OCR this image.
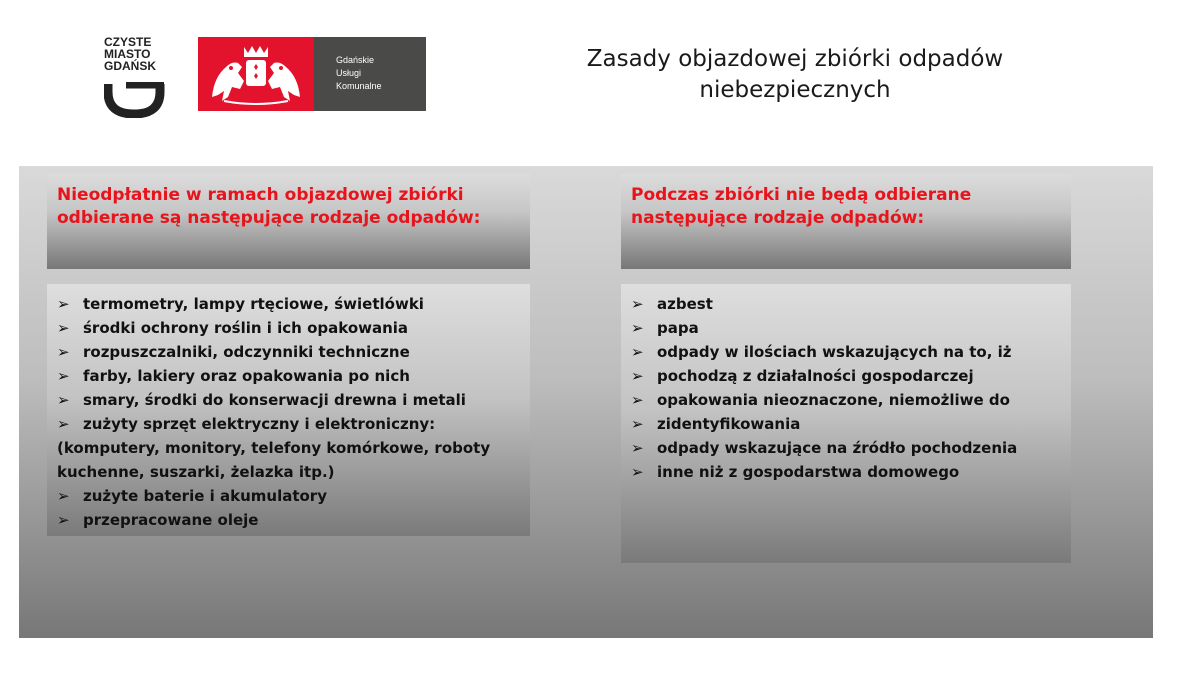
CZYSTE
MIASTO
GDAŃSK	Gdańskie
Usługi
Komunalne
Zasady objazdowej zbiórki odpadów
niebezpiecznych
Nieodpłatnie w ramach objazdowej zbiórki
odbierane są następujące rodzaje odpadów:
Podczas zbiórki nie będą odbierane
następujące rodzaje odpadów:
➢ termometry, lampy rtęciowe, świetlówki
➢ środki ochrony roślin i ich opakowania
➢ rozpuszczalniki, odczynniki techniczne
➢ farby, lakiery oraz opakowania po nich
➢ smary, środki do konserwacji drewna i metali
➢ zużyty sprzęt elektryczny i elektroniczny:
(komputery, monitory, telefony komórkowe, roboty
kuchenne, suszarki, żelazka itp.)
➢ zużyte baterie i akumulatory
➢ przepracowane oleje
➢ azbest
➢ papa
➢ odpady w ilościach wskazujących na to, iż
➢ pochodzą z działalności gospodarczej
➢ opakowania nieoznaczone, niemożliwe do
➢ zidentyfikowania
➢ odpady wskazujące na źródło pochodzenia
➢ inne niż z gospodarstwa domowego
